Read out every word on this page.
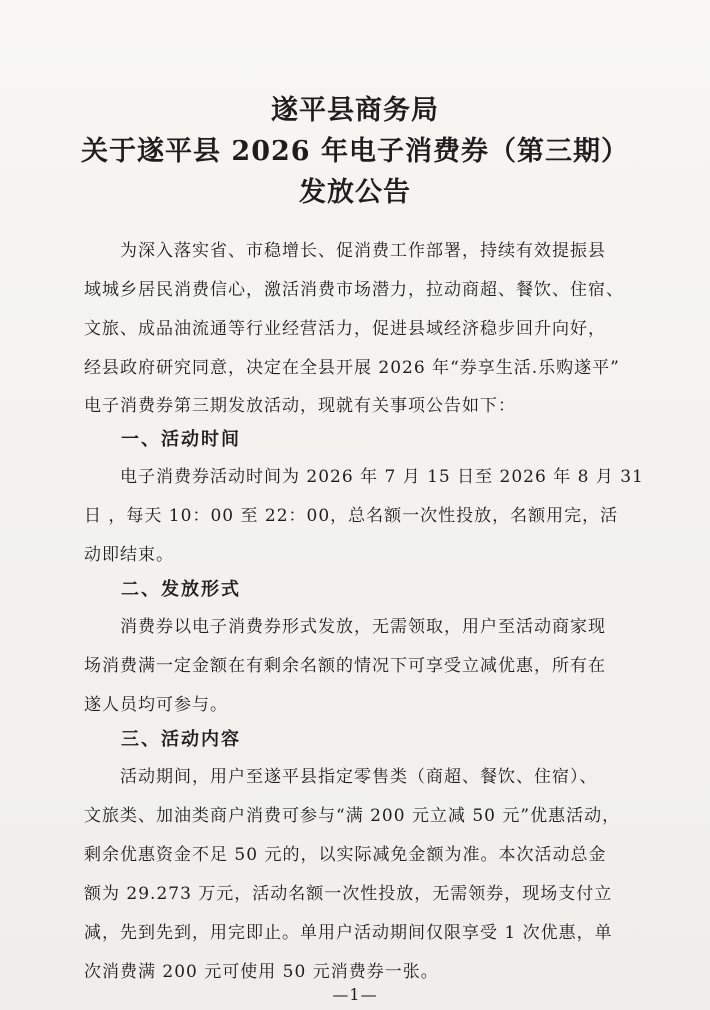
遂平县商务局
关于遂平县 2026 年电子消费券（第三期）
发放公告
为深入落实省、市稳增长、促消费工作部署，持续有效提振县
域城乡居民消费信心，激活消费市场潜力，拉动商超、餐饮、住宿、
文旅、成品油流通等行业经营活力，促进县域经济稳步回升向好，
经县政府研究同意，决定在全县开展 2026 年“券享生活.乐购遂平”
电子消费券第三期发放活动，现就有关事项公告如下：
一、活动时间
电子消费券活动时间为 2026 年 7 月 15 日至 2026 年 8 月 31
日 ，每天 10：00 至 22：00，总名额一次性投放，名额用完，活
动即结束。
二、发放形式
消费券以电子消费券形式发放，无需领取，用户至活动商家现
场消费满一定金额在有剩余名额的情况下可享受立减优惠，所有在
遂人员均可参与。
三、活动内容
活动期间，用户至遂平县指定零售类（商超、餐饮、住宿）、
文旅类、加油类商户消费可参与“满 200 元立减 50 元”优惠活动，
剩余优惠资金不足 50 元的，以实际减免金额为准。本次活动总金
额为 29.273 万元，活动名额一次性投放，无需领券，现场支付立
减，先到先到，用完即止。单用户活动期间仅限享受 1 次优惠，单
次消费满 200 元可使用 50 元消费券一张。
—1—
